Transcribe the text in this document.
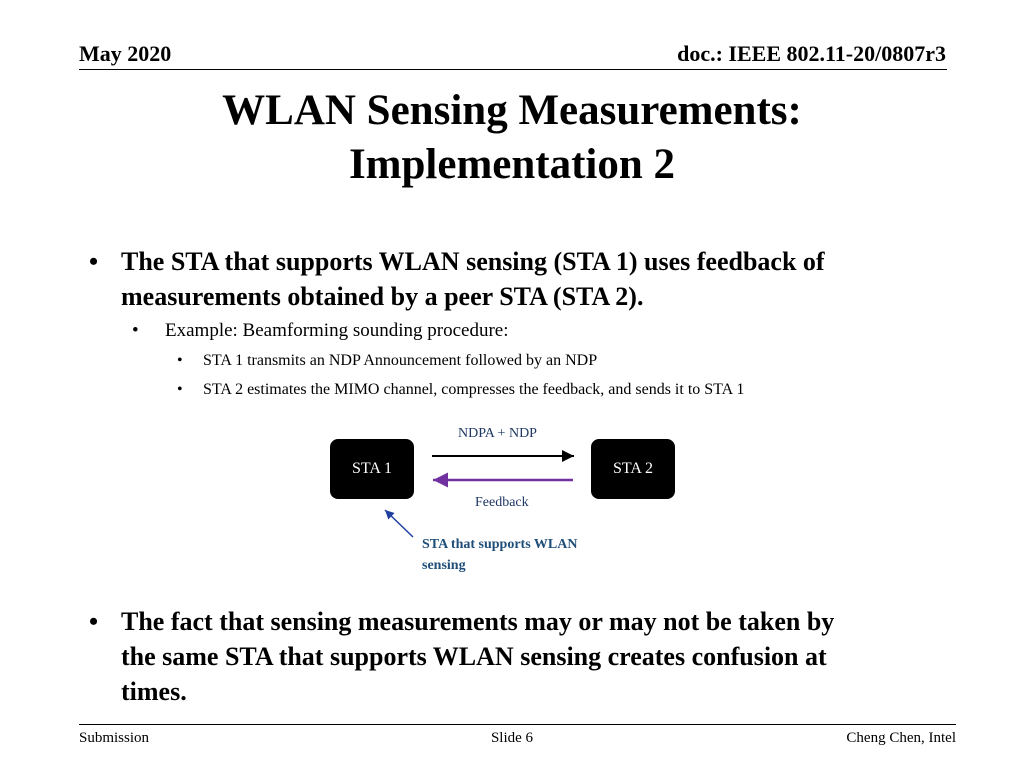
May 2020	doc.: IEEE 802.11-20/0807r3
WLAN Sensing Measurements:
Implementation 2
• The STA that supports WLAN sensing (STA 1) uses feedback of
measurements obtained by a peer STA (STA 2).
• Example: Beamforming sounding procedure:
• STA 1 transmits an NDP Announcement followed by an NDP
• STA 2 estimates the MIMO channel, compresses the feedback, and sends it to STA 1
STA 1	STA 2
NDPA + NDP
Feedback
STA that supports WLAN
sensing
• The fact that sensing measurements may or may not be taken by
the same STA that supports WLAN sensing creates confusion at
times.
Submission	Slide 6	Cheng Chen, Intel
